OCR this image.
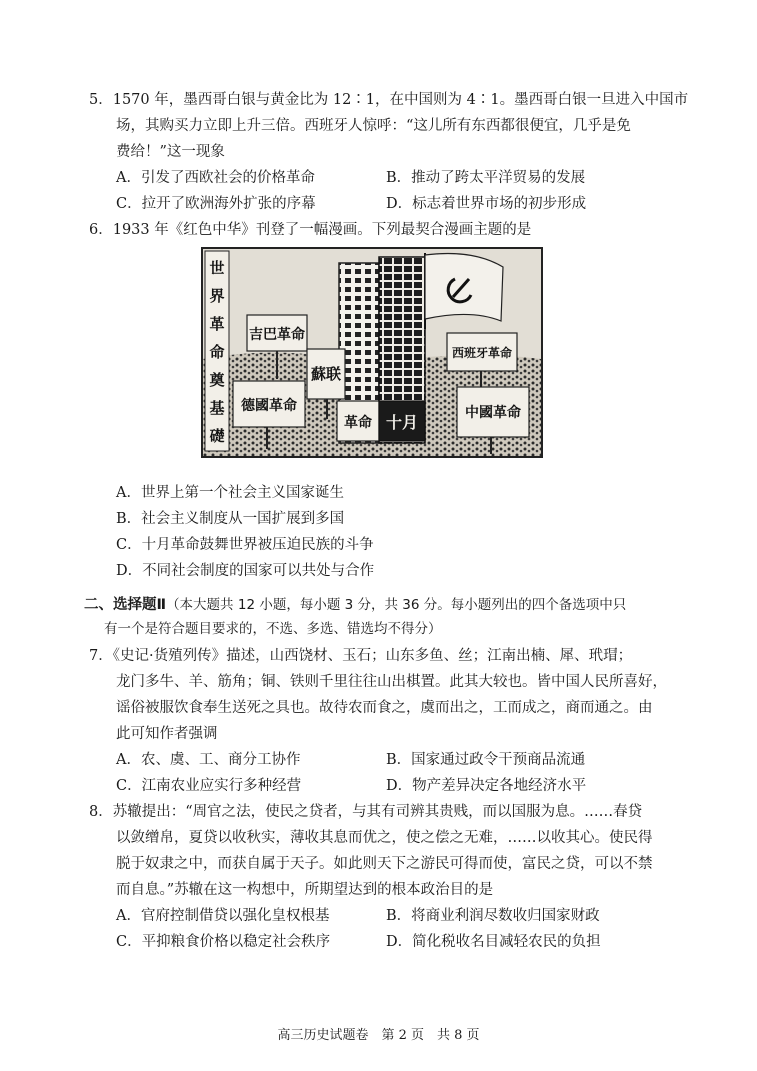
5．1570 年，墨西哥白银与黄金比为 12∶1，在中国则为 4∶1。墨西哥白银一旦进入中国市
场，其购买力立即上升三倍。西班牙人惊呼：“这儿所有东西都很便宜，几乎是免
费给！”这一现象
A．引发了西欧社会的价格革命	B．推动了跨太平洋贸易的发展
C．拉开了欧洲海外扩张的序幕	D．标志着世界市场的初步形成
6．1933 年《红色中华》刊登了一幅漫画。下列最契合漫画主题的是
世
界
革
命
奠
基
礎
吉巴革命
蘇联
德國革命
革命 十月
西班牙革命
中國革命
A．世界上第一个社会主义国家诞生
B．社会主义制度从一国扩展到多国
C．十月革命鼓舞世界被压迫民族的斗争
D．不同社会制度的国家可以共处与合作
二、选择题Ⅱ（本大题共 12 小题，每小题 3 分，共 36 分。每小题列出的四个备选项中只
有一个是符合题目要求的，不选、多选、错选均不得分）
7．《史记·货殖列传》描述，山西饶材、玉石；山东多鱼、丝；江南出楠、犀、玳瑁；
龙门多牛、羊、筋角；铜、铁则千里往往山出棋置。此其大较也。皆中国人民所喜好，
谣俗被服饮食奉生送死之具也。故待农而食之，虞而出之，工而成之，商而通之。由
此可知作者强调
A．农、虞、工、商分工协作	B．国家通过政令干预商品流通
C．江南农业应实行多种经营	D．物产差异决定各地经济水平
8．苏辙提出：“周官之法，使民之贷者，与其有司辨其贵贱，而以国服为息。……春贷
以敛缯帛，夏贷以收秋实，薄收其息而优之，使之偿之无难，……以收其心。使民得
脱于奴隶之中，而获自属于天子。如此则天下之游民可得而使，富民之贷，可以不禁
而自息。”苏辙在这一构想中，所期望达到的根本政治目的是
A．官府控制借贷以强化皇权根基	B．将商业利润尽数收归国家财政
C．平抑粮食价格以稳定社会秩序	D．简化税收名目减轻农民的负担
高三历史试题卷　第 2 页　共 8 页
